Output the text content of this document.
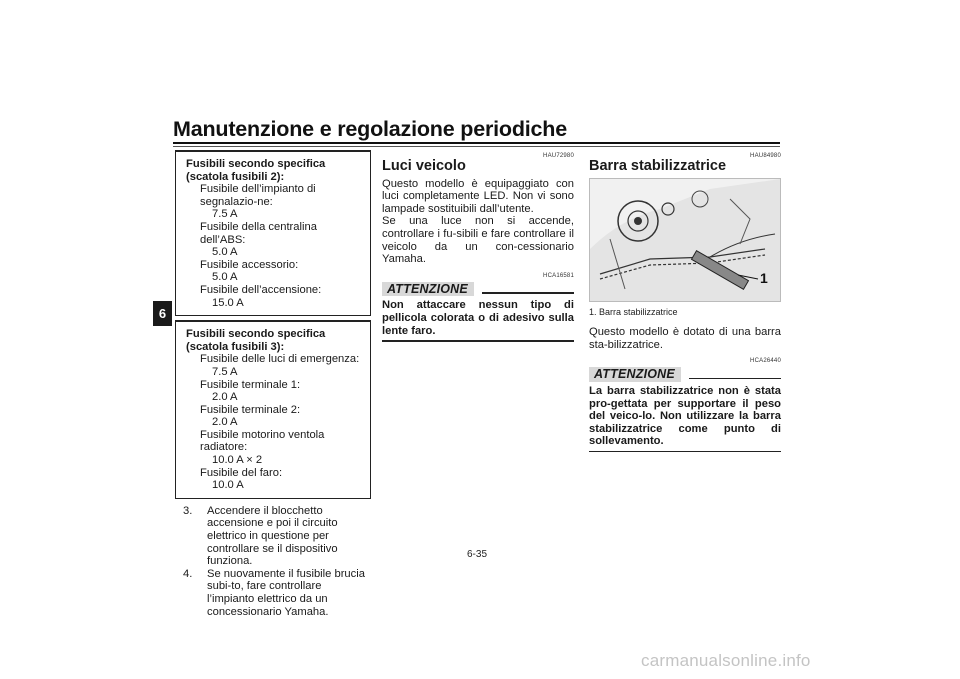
Manutenzione e regolazione periodiche
6
Fusibili secondo specifica (scatola fusibili 2):
Fusibile dell’impianto di segnalazio-ne:
7.5 A
Fusibile della centralina dell’ABS:
5.0 A
Fusibile accessorio:
5.0 A
Fusibile dell’accensione:
15.0 A
Fusibili secondo specifica (scatola fusibili 3):
Fusibile delle luci di emergenza:
7.5 A
Fusibile terminale 1:
2.0 A
Fusibile terminale 2:
2.0 A
Fusibile motorino ventola radiatore:
10.0 A × 2
Fusibile del faro:
10.0 A
3.	Accendere il blocchetto accensione e poi il circuito elettrico in questione per controllare se il dispositivo funziona.
4.	Se nuovamente il fusibile brucia subi-to, fare controllare l’impianto elettrico da un concessionario Yamaha.
HAU72980
Luci veicolo

Questo modello è equipaggiato con luci completamente LED. Non vi sono lampade sostituibili dall’utente.

Se una luce non si accende, controllare i fu-sibili e fare controllare il veicolo da un con-cessionario Yamaha.

HCA16581
ATTENZIONE
Non attaccare nessun tipo di pellicola colorata o di adesivo sulla lente faro.
HAU84980
Barra stabilizzatrice
1
1. Barra stabilizzatrice
Questo modello è dotato di una barra sta-bilizzatrice.
HCA26440
ATTENZIONE
La barra stabilizzatrice non è stata pro-gettata per supportare il peso del veico-lo. Non utilizzare la barra stabilizzatrice come punto di sollevamento.
6-35
carmanualsonline.info
